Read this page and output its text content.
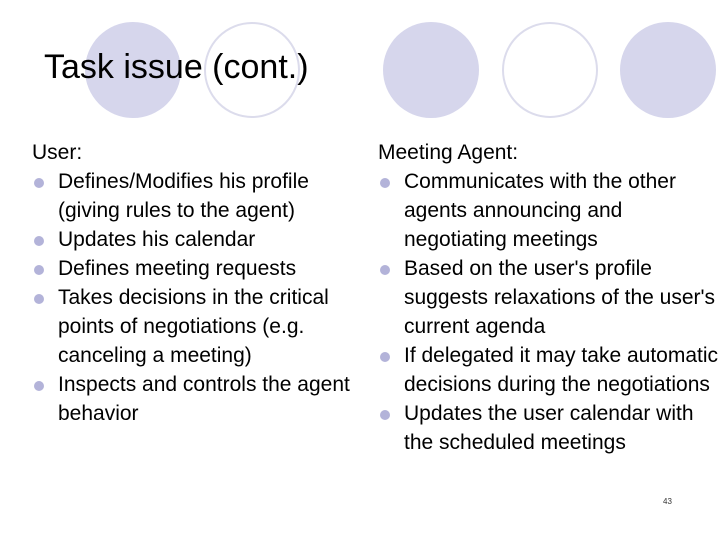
Task issue (cont.)
User:
Defines/Modifies his profile (giving rules to the agent)
Updates his calendar
Defines meeting requests
Takes decisions in the critical points of negotiations (e.g. canceling a meeting)
Inspects and controls the agent behavior
Meeting Agent:
Communicates with the other agents announcing and negotiating meetings
Based on the user's profile suggests relaxations of the user's current agenda
If delegated it may take automatic decisions during the negotiations
Updates the user calendar with the scheduled meetings
43
